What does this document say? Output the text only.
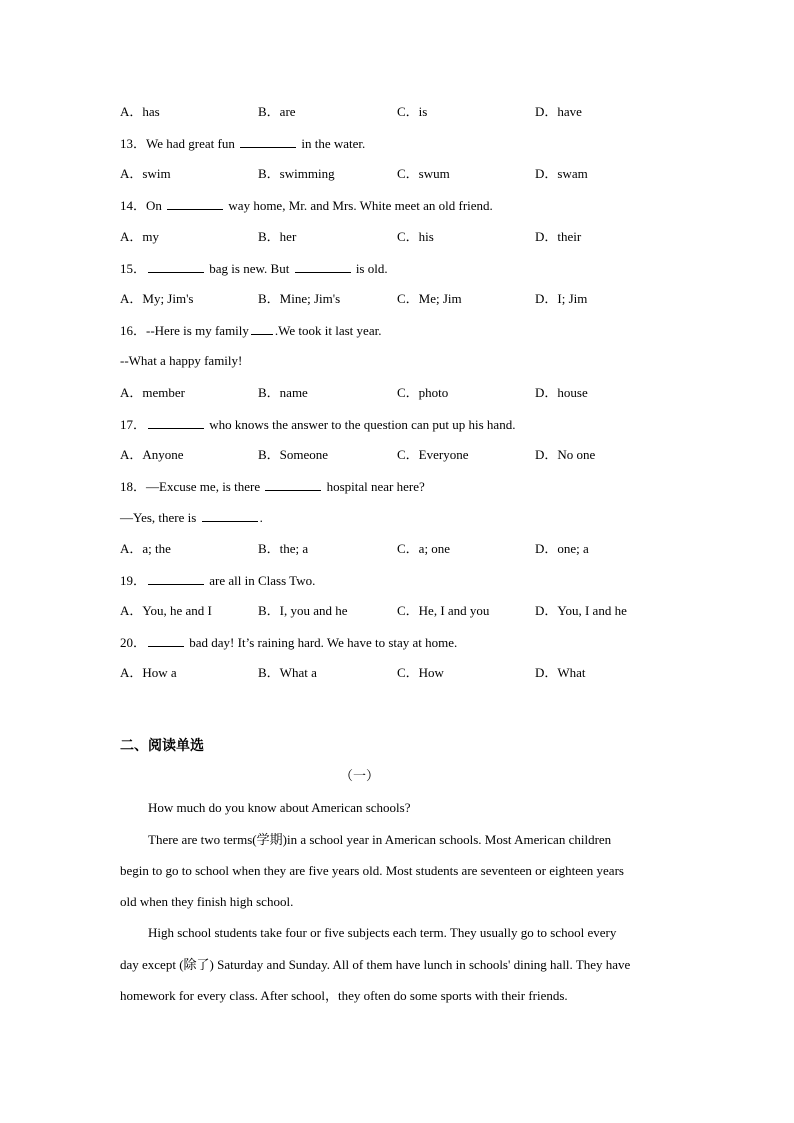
A．has	B．are	C．is	D．have
13．We had great fun	in the water.
A．swim	B．swimming	C．swum	D．swam
14．On	way home, Mr. and Mrs. White meet an old friend.
A．my	B．her	C．his	D．their
15．	bag is new. But	is old.
A．My; Jim's	B．Mine; Jim's	C．Me; Jim	D．I; Jim
16．--Here is my family .We took it last year.
--What a happy family!
A．member	B．name	C．photo	D．house
17．	who knows the answer to the question can put up his hand.
A．Anyone	B．Someone	C．Everyone	D．No one
18．—Excuse me, is there	hospital near here?
—Yes, there is	.
A．a; the	B．the; a	C．a; one	D．one; a
19．	are all in Class Two.
A．You, he and I	B．I, you and he	C．He, I and you	D．You, I and he
20．	bad day! It’s raining hard. We have to stay at home.
A．How a	B．What a	C．How	D．What
二、阅读单选
（一）
How much do you know about American schools?
There are two terms(学期)in a school year in American schools. Most American children
begin to go to school when they are five years old. Most students are seventeen or eighteen years
old when they finish high school.
High school students take four or five subjects each term. They usually go to school every
day except (除了) Saturday and Sunday. All of them have lunch in schools' dining hall. They have
homework for every class. After school，they often do some sports with their friends.
